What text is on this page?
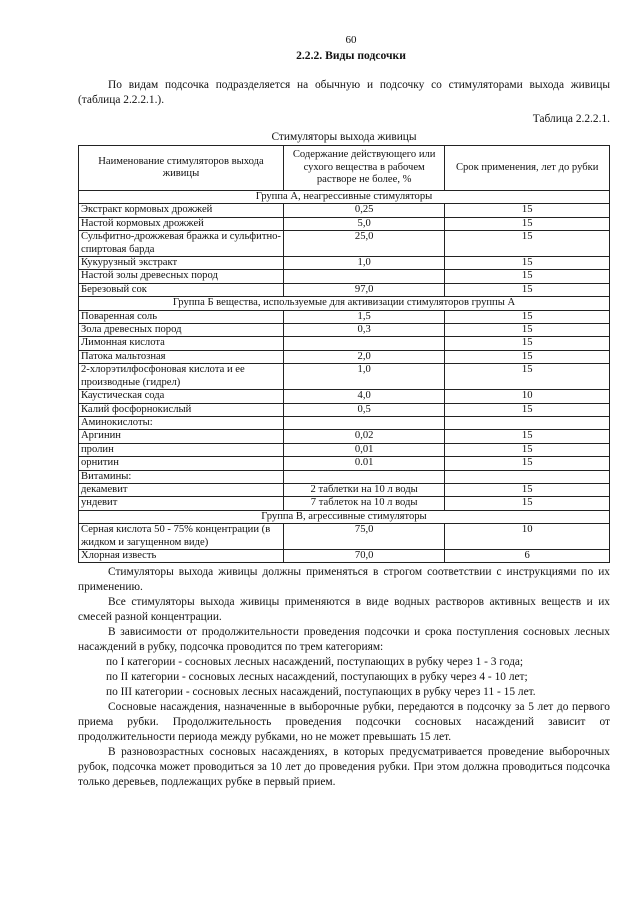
60
2.2.2. Виды подсочки

По видам подсочка подразделяется на обычную и подсочку со стимуляторами выхода живицы (таблица 2.2.2.1.).

Таблица 2.2.2.1.
Стимуляторы выхода живицы
Наименование стимуляторов выхода живицы	Содержание действующего или сухого вещества в рабочем растворе не более, %	Срок применения, лет до рубки
Группа А, неагрессивные стимуляторы		
Экстракт кормовых дрожжей	0,25	15
Настой кормовых дрожжей	5,0	15
Сульфитно-дрожжевая бражка и сульфитно-спиртовая барда	25,0	15
Кукурузный экстракт	1,0	15
Настой золы древесных пород		15
Березовый сок	97,0	15
Группа Б вещества, используемые для активизации стимуляторов группы А		
Поваренная соль	1,5	15
Зола древесных пород	0,3	15
Лимонная кислота		15
Патока мальтозная	2,0	15
2-хлорэтилфосфоновая кислота и ее производные (гидрел)	1,0	15
Каустическая сода	4,0	10
Калий фосфорнокислый	0,5	15
Аминокислоты:		
Аргинин	0,02	15
пролин	0,01	15
орнитин	0.01	15
Витамины:		
декамевит	2 таблетки на 10 л воды	15
ундевит	7 таблеток на 10 л воды	15
Группа В, агрессивные стимуляторы		
Серная кислота 50 - 75% концентрации (в жидком и загущенном виде)	75,0	10
Хлорная известь	70,0	6

Стимуляторы выхода живицы должны применяться в строгом соответствии с инструкциями по их применению.

Все стимуляторы выхода живицы применяются в виде водных растворов активных веществ и их смесей разной концентрации.

В зависимости от продолжительности проведения подсочки и срока поступления сосновых лесных насаждений в рубку, подсочка проводится по трем категориям:

по I категории - сосновых лесных насаждений, поступающих в рубку через 1 - 3 года;

по II категории - сосновых лесных насаждений, поступающих в рубку через 4 - 10 лет;

по III категории - сосновых лесных насаждений, поступающих в рубку через 11 - 15 лет.

Сосновые насаждения, назначенные в выборочные рубки, передаются в подсочку за 5 лет до первого приема рубки. Продолжительность проведения подсочки сосновых насаждений зависит от продолжительности периода между рубками, но не может превышать 15 лет.

В разновозрастных сосновых насаждениях, в которых предусматривается проведение выборочных рубок, подсочка может проводиться за 10 лет до проведения рубки. При этом должна проводиться подсочка только деревьев, подлежащих рубке в первый прием.
